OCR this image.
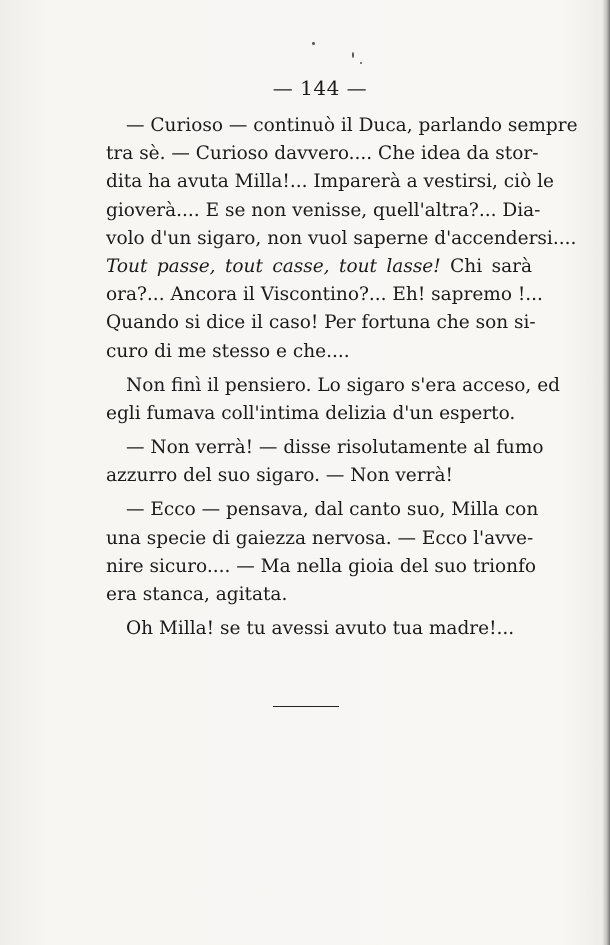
— 144 —
— Curioso — continuò il Duca, parlando sempre
tra sè. — Curioso davvero.... Che idea da stor-
dita ha avuta Milla!... Imparerà a vestirsi, ciò le
gioverà.... E se non venisse, quell'altra?... Dia-
volo d'un sigaro, non vuol saperne d'accendersi....
Tout passe, tout casse, tout lasse! Chi sarà
ora?... Ancora il Viscontino?... Eh! sapremo !...
Quando si dice il caso! Per fortuna che son si-
curo di me stesso e che....
Non finì il pensiero. Lo sigaro s'era acceso, ed
egli fumava coll'intima delizia d'un esperto.
— Non verrà! — disse risolutamente al fumo
azzurro del suo sigaro. — Non verrà!
— Ecco — pensava, dal canto suo, Milla con
una specie di gaiezza nervosa. — Ecco l'avve-
nire sicuro.... — Ma nella gioia del suo trionfo
era stanca, agitata.
Oh Milla! se tu avessi avuto tua madre!...
